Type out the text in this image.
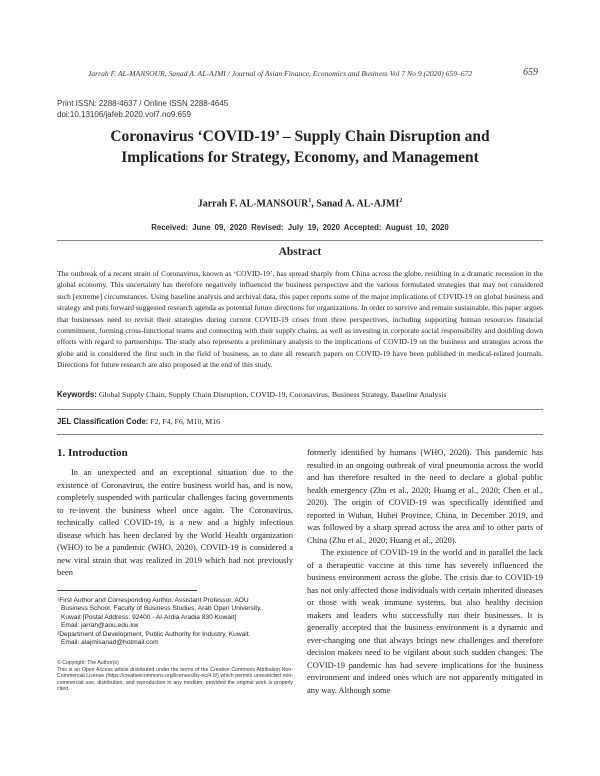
Jarrah F. AL-MANSOUR, Sanad A. AL-AJMI / Journal of Asian Finance, Economics and Business Vol 7 No 9 (2020) 659–672	659
Print ISSN: 2288-4637 / Online ISSN 2288-4645
doi:10.13106/jafeb.2020.vol7.no9.659
Coronavirus ‘COVID-19’ – Supply Chain Disruption and
Implications for Strategy, Economy, and Management
Jarrah F. AL-MANSOUR$^1$, Sanad A. AL-AJMI$^2$
Received: June 09, 2020 Revised: July 19, 2020 Accepted: August 10, 2020
Abstract
The outbreak of a recent strain of Coronavirus, known as ‘COVID-19’, has spread sharply from China across the globe, resulting in a dramatic recession in the global economy. This uncertainty has therefore negatively influenced the business perspective and the various formulated strategies that may not considered such [extreme] circumstances. Using baseline analysis and archival data, this paper reports some of the major implications of COVID-19 on global business and strategy and puts forward suggested research agenda as potential future directions for organizations. In order to survive and remain sustainable, this paper argues that businesses need to revisit their strategies during current COVID-19 crises from three perspectives, including supporting human resources financial commitment, forming cross-functional teams and connecting with their supply chains, as well as investing in corporate social responsibility and doubling down efforts with regard to partnerships. The study also represents a preliminary analysis to the implications of COVID-19 on the business and strategies across the globe and is considered the first such in the field of business, as to date all research papers on COVID-19 have been published in medical-related journals. Directions for future research are also proposed at the end of this study.
Keywords: Global Supply Chain, Supply Chain Disruption, COVID-19, Coronavirus, Business Strategy, Baseline Analysis
JEL Classification Code: F2, F4, F6, M10, M16
1. Introduction
In an unexpected and an exceptional situation due to the existence of Coronavirus, the entire business world has, and is now, completely suspended with particular challenges facing governments to re-invent the business wheel once again. The Coronavirus, technically called COVID-19, is a new and a highly infectious disease which has been declared by the World Health organization (WHO) to be a pandemic (WHO, 2020). COVID-19 is considered a new viral strain that was realized in 2019 which had not previously been

formerly identified by humans (WHO, 2020). This pandemic has resulted in an ongoing outbreak of viral pneumonia across the world and has therefore resulted in the need to declare a global public health emergency (Zhu et al., 2020; Huang et al., 2020; Chen et al., 2020). The origin of COVID-19 was specifically identified and reported in Wuhan, Hubei Province, China, in December 2019, and was followed by a sharp spread across the area and to other parts of China (Zhu et al., 2020; Huang et al., 2020).

The existence of COVID-19 in the world and in parallel the lack of a therapeutic vaccine at this time has severely influenced the business environment across the globe. The crisis due to COVID-19 has not only affected those individuals with certain inherited diseases or those with weak immune systems, but also healthy decision makers and leaders who successfully run their businesses. It is generally accepted that the business environment is a dynamic and ever-changing one that always brings new challenges and therefore decision makers need to be vigilant about such sudden changes. The COVID-19 pandemic has had severe implications for the business environment and indeed ones which are not apparently mitigated in any way. Although some

¹First Author and Corresponding Author. Assistant Professor, AOU

Business School, Faculty of Business Studies, Arab Open University,

Kuwait [Postal Address: 92400 - Al-Ardia Aradia 830 Kuwait]

Email: jarrah@aou.edu.kw

²Department of Development, Public Authority for Industry, Kuwait.

Email: alajmisanad@hotmail.com

© Copyright: The Author(s)

This is an Open Access article distributed under the terms of the Creative Commons Attribution Non-Commercial License (https://creativecommons.org/licenses/by-nc/4.0/) which permits unrestricted non-commercial use, distribution, and reproduction in any medium, provided the original work is properly cited.
